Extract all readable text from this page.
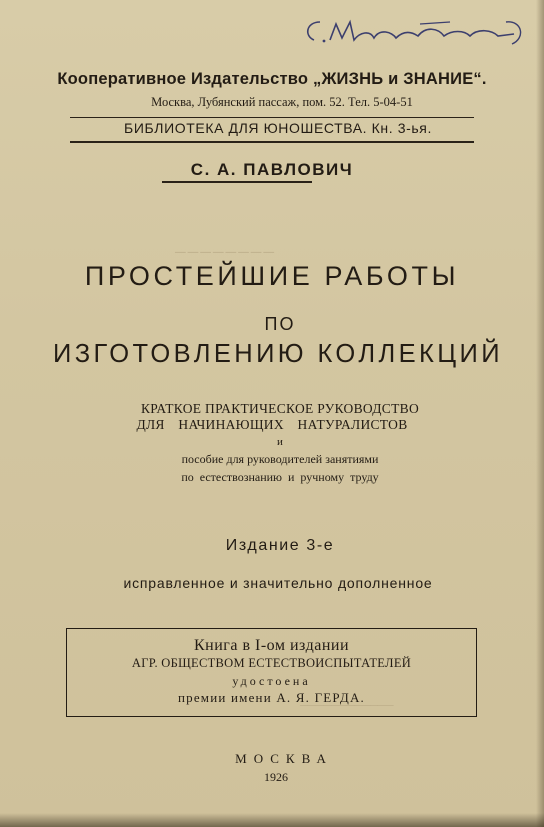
────────
────────────
Кооперативное Издательство „ЖИЗНЬ и ЗНАНИЕ“.
Москва, Лубянский пассаж, пом. 52. Тел. 5-04-51
БИБЛИОТЕКА ДЛЯ ЮНОШЕСТВА. Кн. 3-ья.
С. А. ПАВЛОВИЧ
ПРОСТЕЙШИЕ РАБОТЫ
ПО
ИЗГОТОВЛЕНИЮ КОЛЛЕКЦИЙ
КРАТКОЕ ПРАКТИЧЕСКОЕ РУКОВОДСТВО
ДЛЯ НАЧИНАЮЩИХ НАТУРАЛИСТОВ
и
пособие для руководителей занятиями
по естествознанию и ручному труду
Издание 3-е
исправленное и значительно дополненное
Книга в I-ом издании
АГР. ОБЩЕСТВОМ ЕСТЕСТВОИСПЫТАТЕЛЕЙ
удостоена
премии имени А. Я. ГЕРДА.
МОСКВА
1926
